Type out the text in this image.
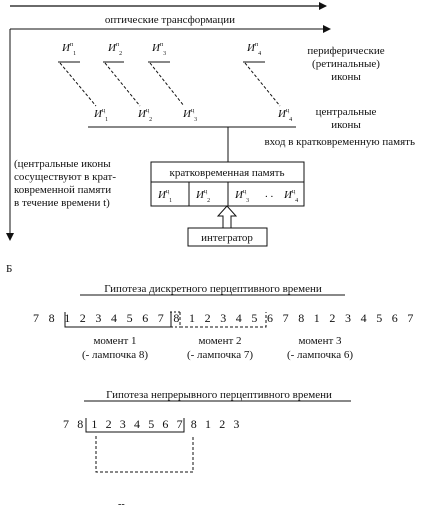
оптические трансформации
$И^п_1$	$И^п_2$	$И^п_3$	$И^п_4$
$И^ц_1$	$И^ц_2$	$И^ц_3$	$И^ц_4$
периферические
(ретинальные)
иконы
центральные
иконы
вход в кратковременную память
(центральные иконы
сосуществуют в крат-
ковременной памяти
в течение времени t)
кратковременная память
$И^ц_1$ $И^ц_2$ $И^ц_3$
. . $И^ц_4$
интегратор
Б
Гипотеза дискретного перцептивного времени
7 8 1 2 3 4 5 6 7 8 1 2 3 4 5 6 7 8 1 2 3 4 5 6 7
момент 1
(- лампочка 8)
момент 2
(- лампочка 7)
момент 3
(- лампочка 6)
Гипотеза непрерывного перцептивного времени
7 8 1 2 3 4 5 6 7 8 1 2 3
--
